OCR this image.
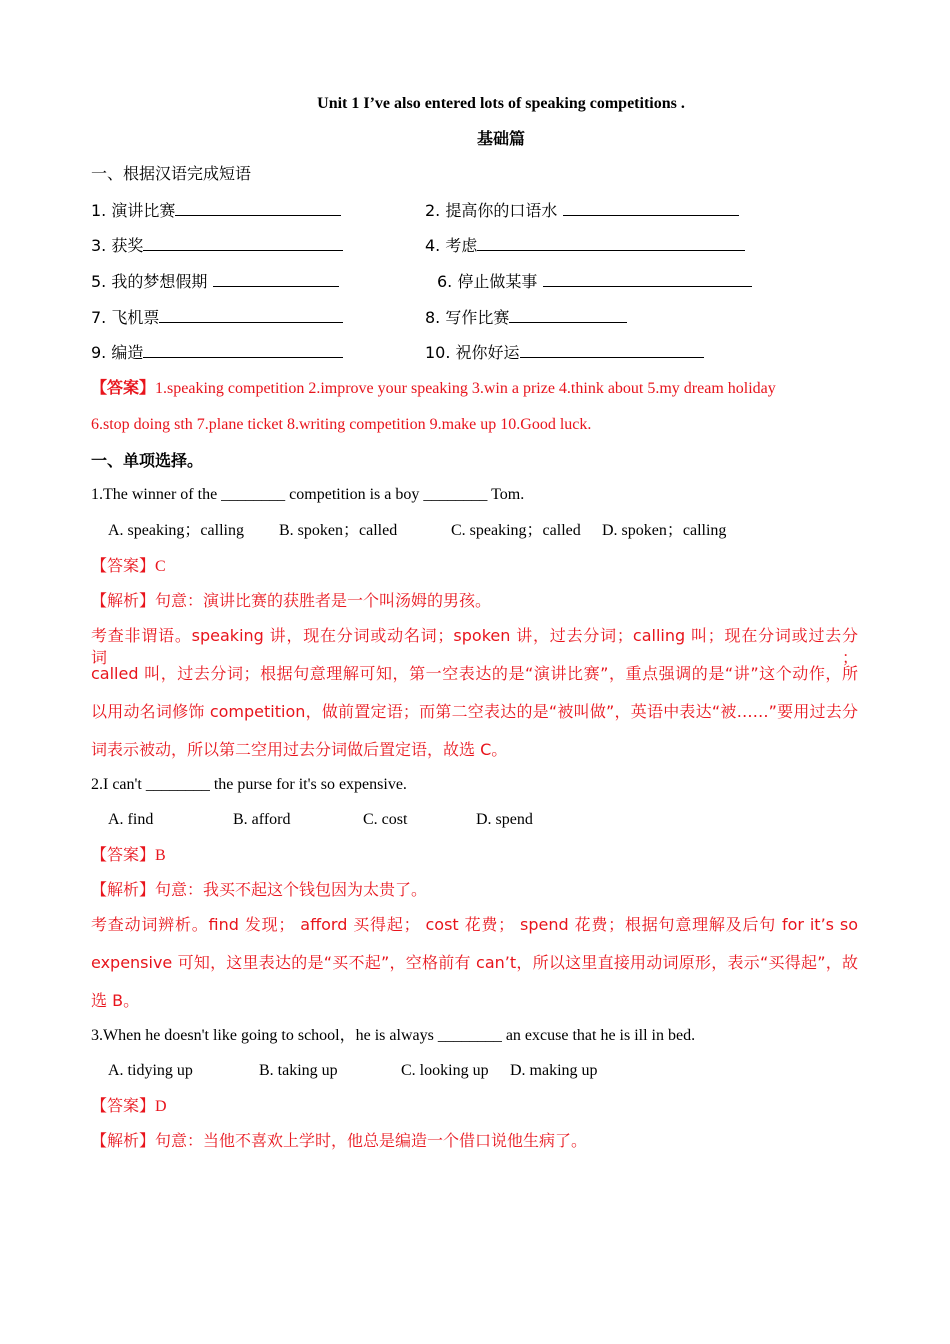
Unit 1 I’ve also entered lots of speaking competitions .
基础篇
一、根据汉语完成短语
1. 演讲比赛	2. 提高你的口语水
3. 获奖	4. 考虑
5. 我的梦想假期	6. 停止做某事
7. 飞机票	8. 写作比赛
9. 编造	10. 祝你好运
【答案】1.speaking competition 2.improve your speaking 3.win a prize 4.think about 5.my dream holiday
6.stop doing sth 7.plane ticket 8.writing competition 9.make up 10.Good luck.
一、单项选择。
1.The winner of the ________ competition is a boy ________ Tom.
A. speaking；calling B. spoken；called	C. speaking；called D. spoken；calling
【答案】C
【解析】句意：演讲比赛的获胜者是一个叫汤姆的男孩。
考查非谓语。speaking 讲，现在分词或动名词；spoken 讲，过去分词；calling 叫；现在分词或过去分词；
called 叫，过去分词；根据句意理解可知，第一空表达的是“演讲比赛”，重点强调的是“讲”这个动作，所
以用动名词修饰 competition，做前置定语；而第二空表达的是“被叫做”，英语中表达“被……”要用过去分
词表示被动，所以第二空用过去分词做后置定语，故选 C。
2.I can't ________ the purse for it's so expensive.
A. find	B. afford	C. cost	D. spend
【答案】B
【解析】句意：我买不起这个钱包因为太贵了。
考查动词辨析。find 发现； afford 买得起； cost 花费； spend 花费；根据句意理解及后句 for it’s so
expensive 可知，这里表达的是“买不起”，空格前有 can’t，所以这里直接用动词原形，表示“买得起”，故
选 B。
3.When he doesn't like going to school，he is always ________ an excuse that he is ill in bed.
A. tidying up	B. taking up	C. looking up D. making up
【答案】D
【解析】句意：当他不喜欢上学时，他总是编造一个借口说他生病了。
